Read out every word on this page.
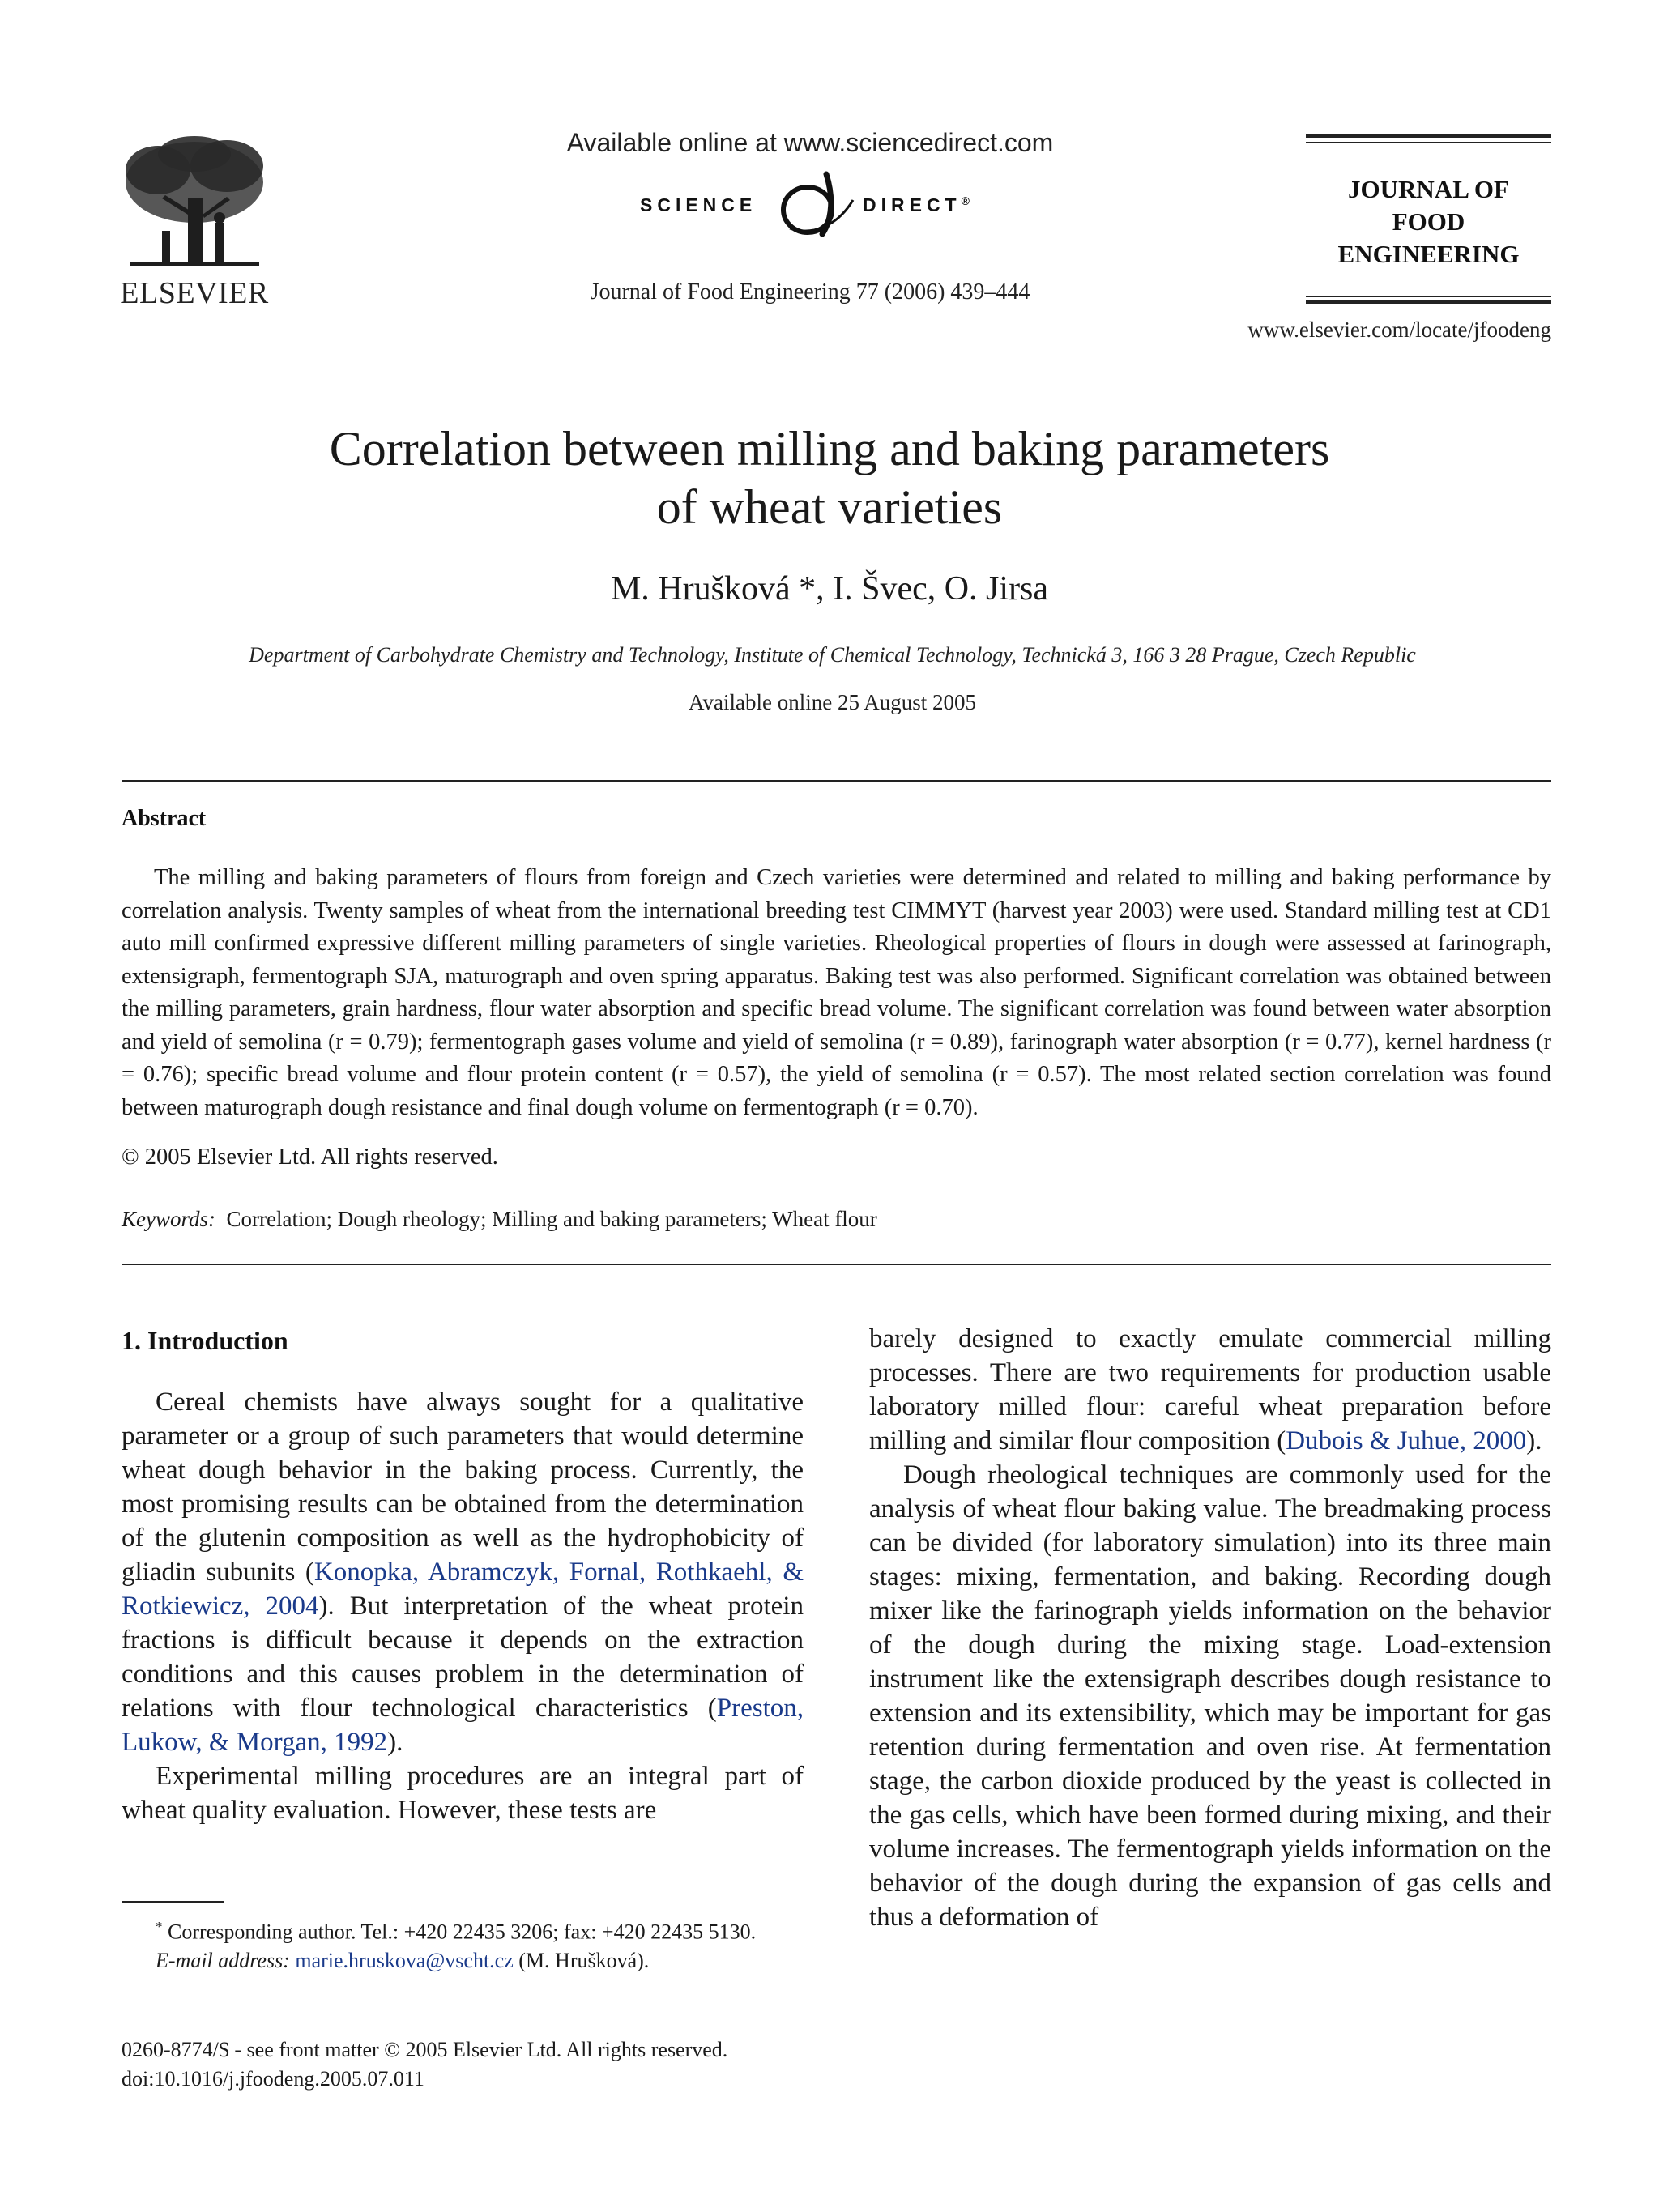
ELSEVIER
Available online at www.sciencedirect.com
SCIENCE	DIRECT®
Journal of Food Engineering 77 (2006) 439–444
JOURNAL OF
FOOD
ENGINEERING
www.elsevier.com/locate/jfoodeng
Correlation between milling and baking parameters
of wheat varieties
M. Hrušková *, I. Švec, O. Jirsa
Department of Carbohydrate Chemistry and Technology, Institute of Chemical Technology, Technická 3, 166 3 28 Prague, Czech Republic
Available online 25 August 2005
Abstract
The milling and baking parameters of flours from foreign and Czech varieties were determined and related to milling and baking performance by correlation analysis. Twenty samples of wheat from the international breeding test CIMMYT (harvest year 2003) were used. Standard milling test at CD1 auto mill confirmed expressive different milling parameters of single varieties. Rheological properties of flours in dough were assessed at farinograph, extensigraph, fermentograph SJA, maturograph and oven spring apparatus. Baking test was also performed. Significant correlation was obtained between the milling parameters, grain hardness, flour water absorption and specific bread volume. The significant correlation was found between water absorption and yield of semolina (r = 0.79); fermentograph gases volume and yield of semolina (r = 0.89), farinograph water absorption (r = 0.77), kernel hardness (r = 0.76); specific bread volume and flour protein content (r = 0.57), the yield of semolina (r = 0.57). The most related section correlation was found between maturograph dough resistance and final dough volume on fermentograph (r = 0.70).
© 2005 Elsevier Ltd. All rights reserved.
Keywords: Correlation; Dough rheology; Milling and baking parameters; Wheat flour
1. Introduction

Cereal chemists have always sought for a qualitative parameter or a group of such parameters that would determine wheat dough behavior in the baking process. Currently, the most promising results can be obtained from the determination of the glutenin composition as well as the hydrophobicity of gliadin subunits (Konopka, Abramczyk, Fornal, Rothkaehl, & Rotkiewicz, 2004). But interpretation of the wheat protein fractions is difficult because it depends on the extraction conditions and this causes problem in the determination of relations with flour technological characteristics (Preston, Lukow, & Morgan, 1992).

Experimental milling procedures are an integral part of wheat quality evaluation. However, these tests are

barely designed to exactly emulate commercial milling processes. There are two requirements for production usable laboratory milled flour: careful wheat preparation before milling and similar flour composition (Dubois & Juhue, 2000).

Dough rheological techniques are commonly used for the analysis of wheat flour baking value. The breadmaking process can be divided (for laboratory simulation) into its three main stages: mixing, fermentation, and baking. Recording dough mixer like the farinograph yields information on the behavior of the dough during the mixing stage. Load-extension instrument like the extensigraph describes dough resistance to extension and its extensibility, which may be important for gas retention during fermentation and oven rise. At fermentation stage, the carbon dioxide produced by the yeast is collected in the gas cells, which have been formed during mixing, and their volume increases. The fermentograph yields information on the behavior of the dough during the expansion of gas cells and thus a deformation of

* Corresponding author. Tel.: +420 22435 3206; fax: +420 22435 5130.
E-mail address: marie.hruskova@vscht.cz (M. Hrušková).
0260-8774/$ - see front matter © 2005 Elsevier Ltd. All rights reserved.
doi:10.1016/j.jfoodeng.2005.07.011
